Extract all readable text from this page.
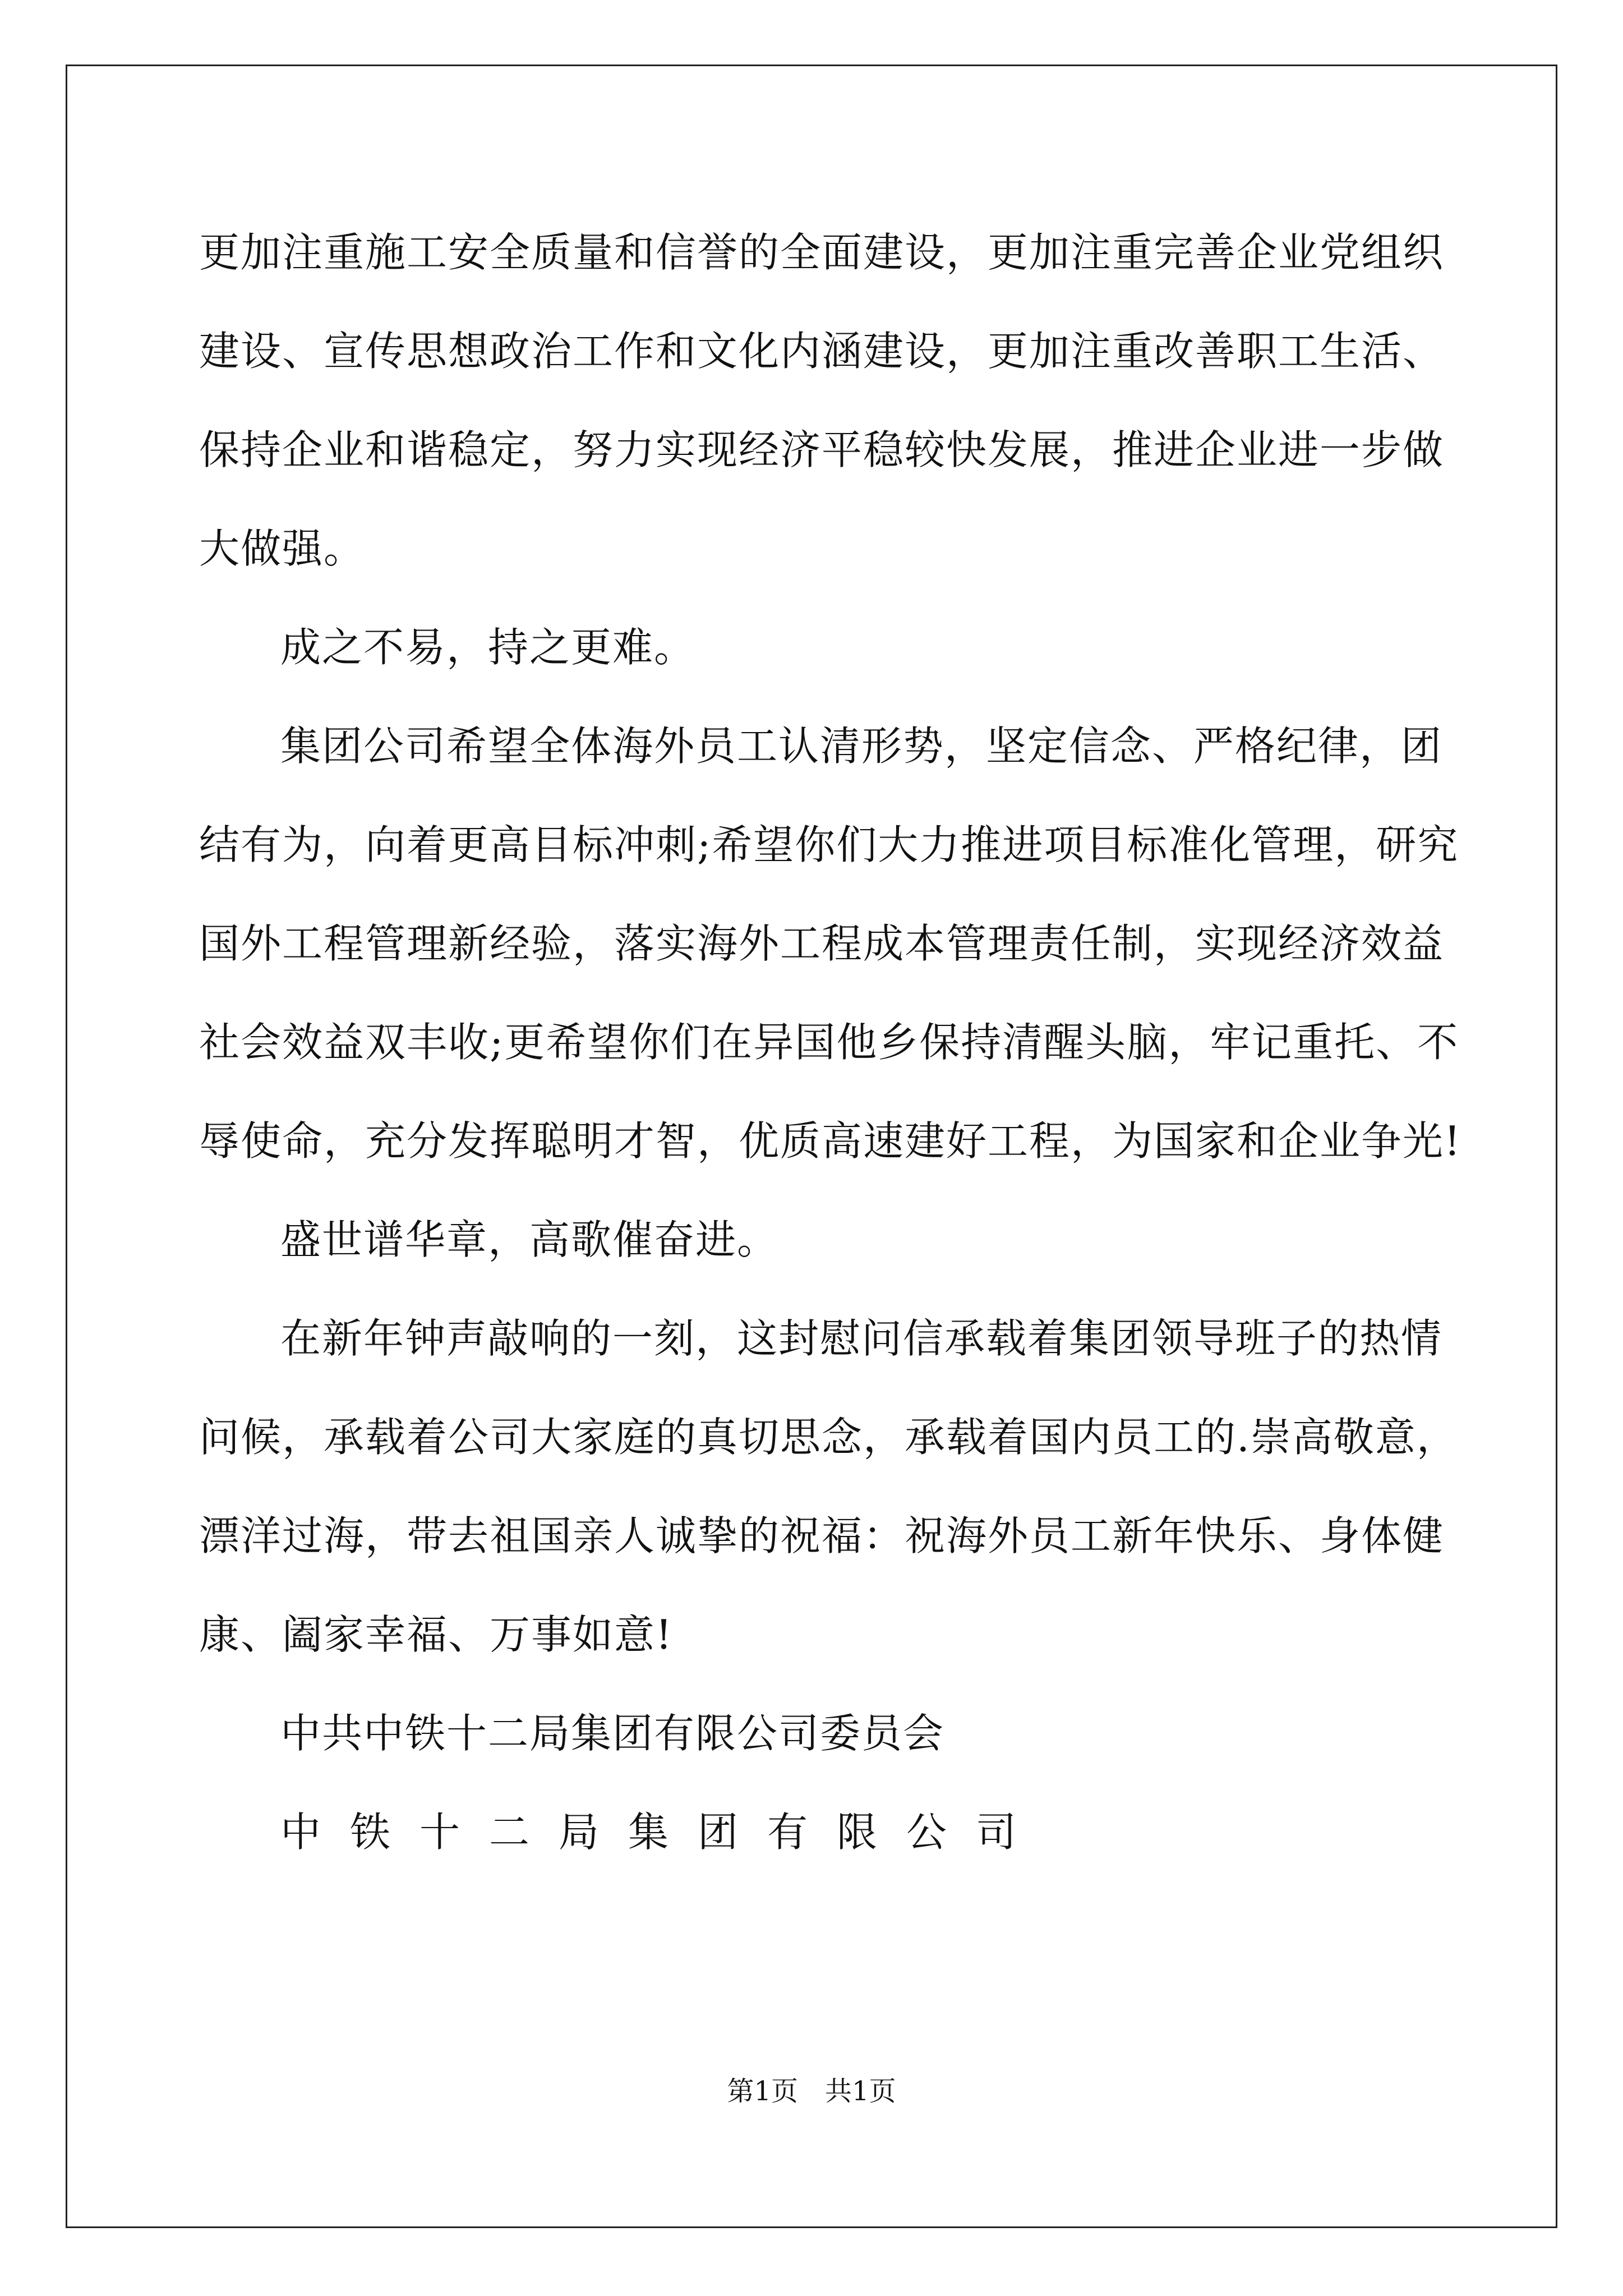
更加注重施工安全质量和信誉的全面建设，更加注重完善企业党组织
建设、宣传思想政治工作和文化内涵建设，更加注重改善职工生活、
保持企业和谐稳定，努力实现经济平稳较快发展，推进企业进一步做
大做强。
成之不易，持之更难。
集团公司希望全体海外员工认清形势，坚定信念、严格纪律，团
结有为，向着更高目标冲刺;希望你们大力推进项目标准化管理，研究
国外工程管理新经验，落实海外工程成本管理责任制，实现经济效益
社会效益双丰收;更希望你们在异国他乡保持清醒头脑，牢记重托、不
辱使命，充分发挥聪明才智，优质高速建好工程，为国家和企业争光!
盛世谱华章，高歌催奋进。
在新年钟声敲响的一刻，这封慰问信承载着集团领导班子的热情
问候，承载着公司大家庭的真切思念，承载着国内员工的.崇高敬意，
漂洋过海，带去祖国亲人诚挚的祝福：祝海外员工新年快乐、身体健
康、阖家幸福、万事如意!
中共中铁十二局集团有限公司委员会
中铁十二局集团有限公司
第1页　共1页
